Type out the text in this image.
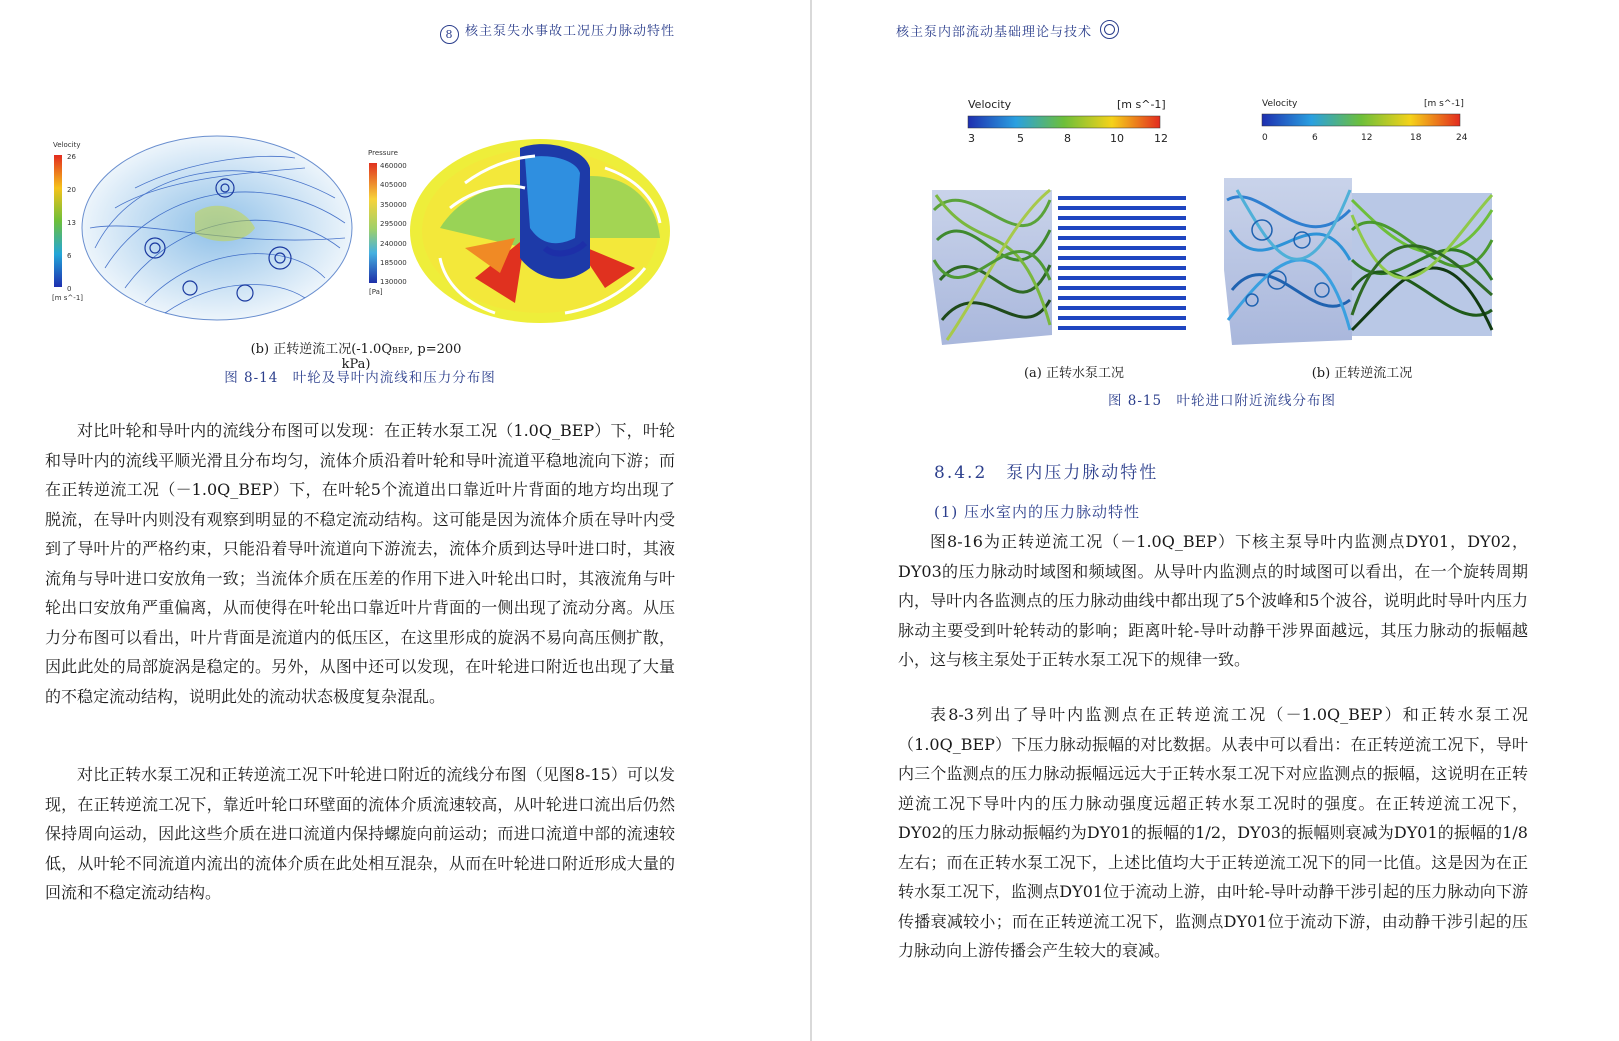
8 核主泵失水事故工况压力脉动特性
Velocity
26
20
13
6
0
[m s^-1]
Pressure
460000
405000
350000
295000
240000
185000
130000
[Pa]
(b) 正转逆流工况(-1.0QBEP, p=200 kPa)
图 8-14　叶轮及导叶内流线和压力分布图

对比叶轮和导叶内的流线分布图可以发现：在正转水泵工况（1.0Q_BEP）下，叶轮和导叶内的流线平顺光滑且分布均匀，流体介质沿着叶轮和导叶流道平稳地流向下游；而在正转逆流工况（－1.0Q_BEP）下，在叶轮5个流道出口靠近叶片背面的地方均出现了脱流，在导叶内则没有观察到明显的不稳定流动结构。这可能是因为流体介质在导叶内受到了导叶片的严格约束，只能沿着导叶流道向下游流去，流体介质到达导叶进口时，其液流角与导叶进口安放角一致；当流体介质在压差的作用下进入叶轮出口时，其液流角与叶轮出口安放角严重偏离，从而使得在叶轮出口靠近叶片背面的一侧出现了流动分离。从压力分布图可以看出，叶片背面是流道内的低压区，在这里形成的旋涡不易向高压侧扩散，因此此处的局部旋涡是稳定的。另外，从图中还可以发现，在叶轮进口附近也出现了大量的不稳定流动结构，说明此处的流动状态极度复杂混乱。

对比正转水泵工况和正转逆流工况下叶轮进口附近的流线分布图（见图8-15）可以发现，在正转逆流工况下，靠近叶轮口环壁面的流体介质流速较高，从叶轮进口流出后仍然保持周向运动，因此这些介质在进口流道内保持螺旋向前运动；而进口流道中部的流速较低，从叶轮不同流道内流出的流体介质在此处相互混杂，从而在叶轮进口附近形成大量的回流和不稳定流动结构。

核主泵内部流动基础理论与技术
Velocity	[m s^-1]
3	5	8	10	12
Velocity	[m s^-1]
0	6	12	18	24
(a) 正转水泵工况	(b) 正转逆流工况
图 8-15　叶轮进口附近流线分布图
8.4.2　泵内压力脉动特性
(1) 压水室内的压力脉动特性

图8-16为正转逆流工况（－1.0Q_BEP）下核主泵导叶内监测点DY01，DY02，DY03的压力脉动时域图和频域图。从导叶内监测点的时域图可以看出，在一个旋转周期内，导叶内各监测点的压力脉动曲线中都出现了5个波峰和5个波谷，说明此时导叶内压力脉动主要受到叶轮转动的影响；距离叶轮-导叶动静干涉界面越远，其压力脉动的振幅越小，这与核主泵处于正转水泵工况下的规律一致。

表8-3列出了导叶内监测点在正转逆流工况（－1.0Q_BEP）和正转水泵工况（1.0Q_BEP）下压力脉动振幅的对比数据。从表中可以看出：在正转逆流工况下，导叶内三个监测点的压力脉动振幅远远大于正转水泵工况下对应监测点的振幅，这说明在正转逆流工况下导叶内的压力脉动强度远超正转水泵工况时的强度。在正转逆流工况下，DY02的压力脉动振幅约为DY01的振幅的1/2，DY03的振幅则衰减为DY01的振幅的1/8左右；而在正转水泵工况下，上述比值均大于正转逆流工况下的同一比值。这是因为在正转水泵工况下，监测点DY01位于流动上游，由叶轮-导叶动静干涉引起的压力脉动向下游传播衰减较小；而在正转逆流工况下，监测点DY01位于流动下游，由动静干涉引起的压力脉动向上游传播会产生较大的衰减。
